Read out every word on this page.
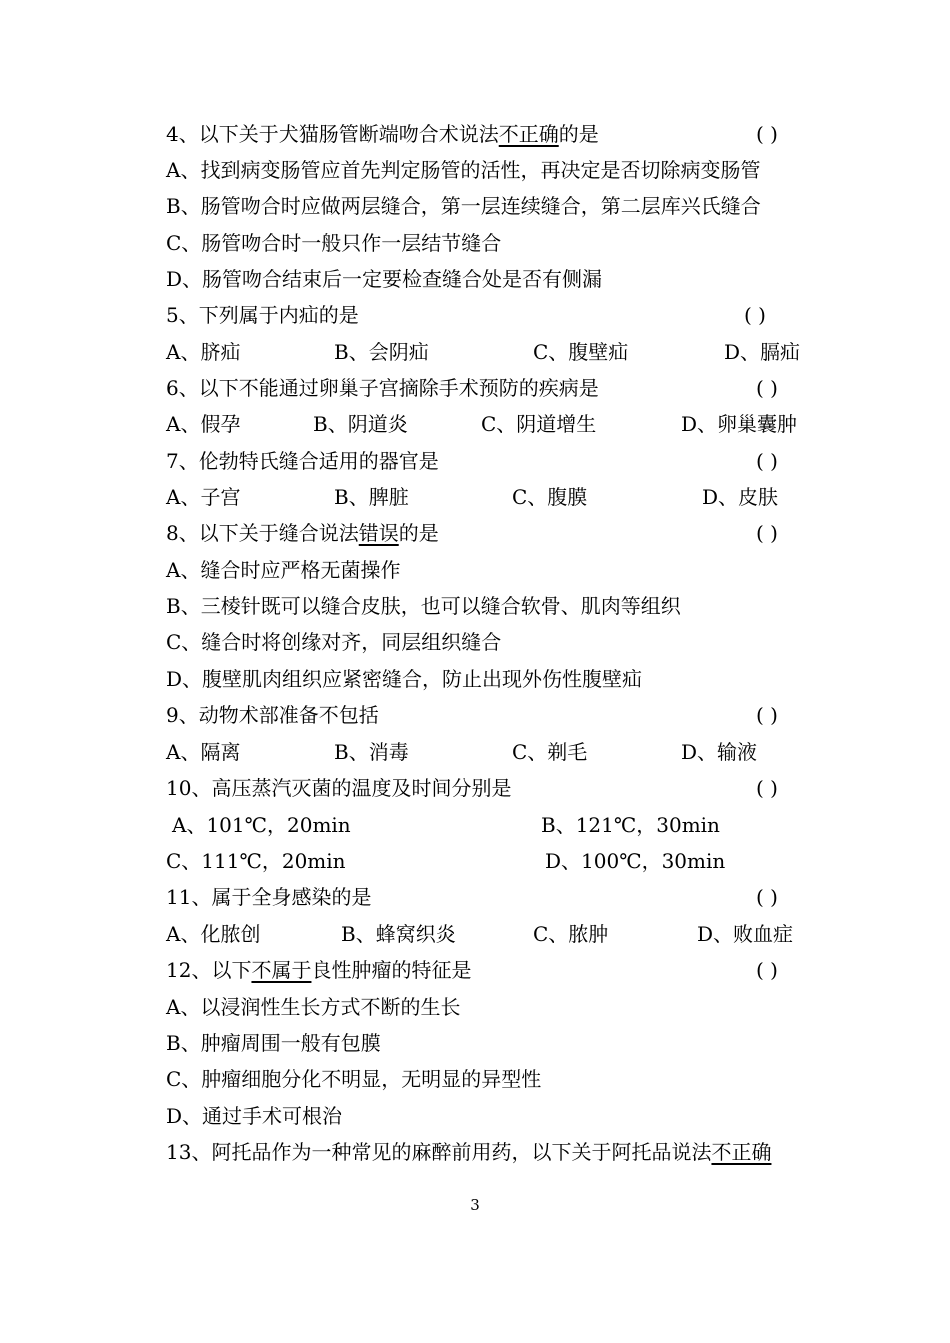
4、以下关于犬猫肠管断端吻合术说法不正确的是	( )
A、找到病变肠管应首先判定肠管的活性，再决定是否切除病变肠管
B、肠管吻合时应做两层缝合，第一层连续缝合，第二层库兴氏缝合
C、肠管吻合时一般只作一层结节缝合
D、肠管吻合结束后一定要检查缝合处是否有侧漏
5、下列属于内疝的是	( )
A、脐疝	B、会阴疝	C、腹壁疝	D、膈疝
6、以下不能通过卵巢子宫摘除手术预防的疾病是	( )
A、假孕	B、阴道炎	C、阴道增生	D、卵巢囊肿
7、伦勃特氏缝合适用的器官是	( )
A、子宫	B、脾脏	C、腹膜	D、皮肤
8、以下关于缝合说法错误的是	( )
A、缝合时应严格无菌操作
B、三棱针既可以缝合皮肤，也可以缝合软骨、肌肉等组织
C、缝合时将创缘对齐，同层组织缝合
D、腹壁肌肉组织应紧密缝合，防止出现外伤性腹壁疝
9、动物术部准备不包括	( )
A、隔离	B、消毒	C、剃毛	D、输液
10、高压蒸汽灭菌的温度及时间分别是	( )
A、101℃，20min	B、121℃，30min
C、111℃，20min	D、100℃，30min
11、属于全身感染的是	( )
A、化脓创	B、蜂窝织炎	C、脓肿	D、败血症
12、以下不属于良性肿瘤的特征是	( )
A、以浸润性生长方式不断的生长
B、肿瘤周围一般有包膜
C、肿瘤细胞分化不明显，无明显的异型性
D、通过手术可根治
13、阿托品作为一种常见的麻醉前用药，以下关于阿托品说法不正确
3
